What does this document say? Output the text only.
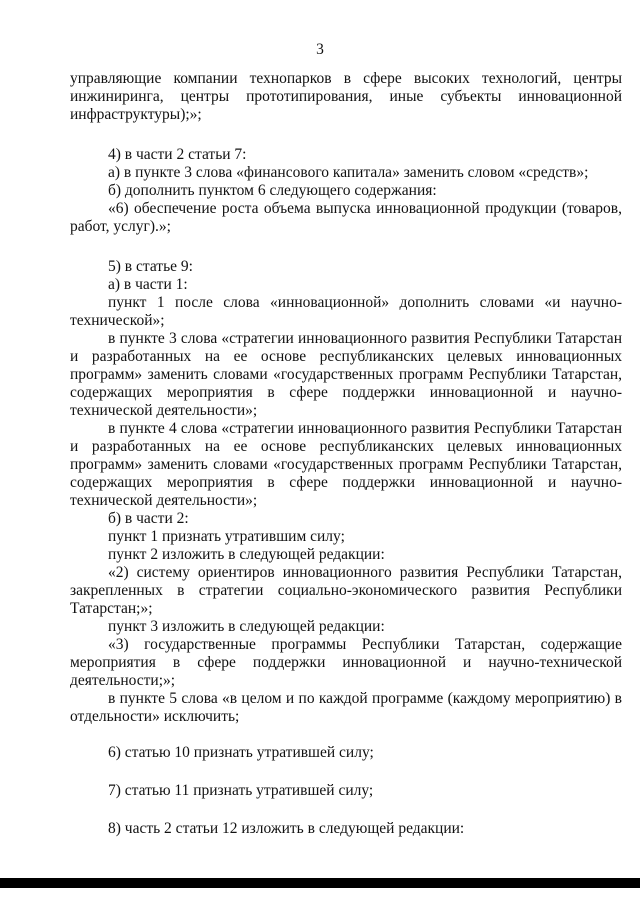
3

управляющие компании технопарков в сфере высоких технологий, центры инжиниринга, центры прототипирования, иные субъекты инновационной инфраструктуры);»;

4) в части 2 статьи 7:

а) в пункте 3 слова «финансового капитала» заменить словом «средств»;

б) дополнить пунктом 6 следующего содержания:

«6) обеспечение роста объема выпуска инновационной продукции (товаров, работ, услуг).»;

5) в статье 9:

а) в части 1:

пункт 1 после слова «инновационной» дополнить словами «и научно-технической»;

в пункте 3 слова «стратегии инновационного развития Республики Татарстан и разработанных на ее основе республиканских целевых инновационных программ» заменить словами «государственных программ Республики Татарстан, содержащих мероприятия в сфере поддержки инновационной и научно-технической деятельности»;

в пункте 4 слова «стратегии инновационного развития Республики Татарстан и разработанных на ее основе республиканских целевых инновационных программ» заменить словами «государственных программ Республики Татарстан, содержащих мероприятия в сфере поддержки инновационной и научно-технической деятельности»;

б) в части 2:

пункт 1 признать утратившим силу;

пункт 2 изложить в следующей редакции:

«2) систему ориентиров инновационного развития Республики Татарстан, закрепленных в стратегии социально-экономического развития Республики Татарстан;»;

пункт 3 изложить в следующей редакции:

«3) государственные программы Республики Татарстан, содержащие мероприятия в сфере поддержки инновационной и научно-технической деятельности;»;

в пункте 5 слова «в целом и по каждой программе (каждому мероприятию) в отдельности» исключить;

6) статью 10 признать утратившей силу;

7) статью 11 признать утратившей силу;

8) часть 2 статьи 12 изложить в следующей редакции:
